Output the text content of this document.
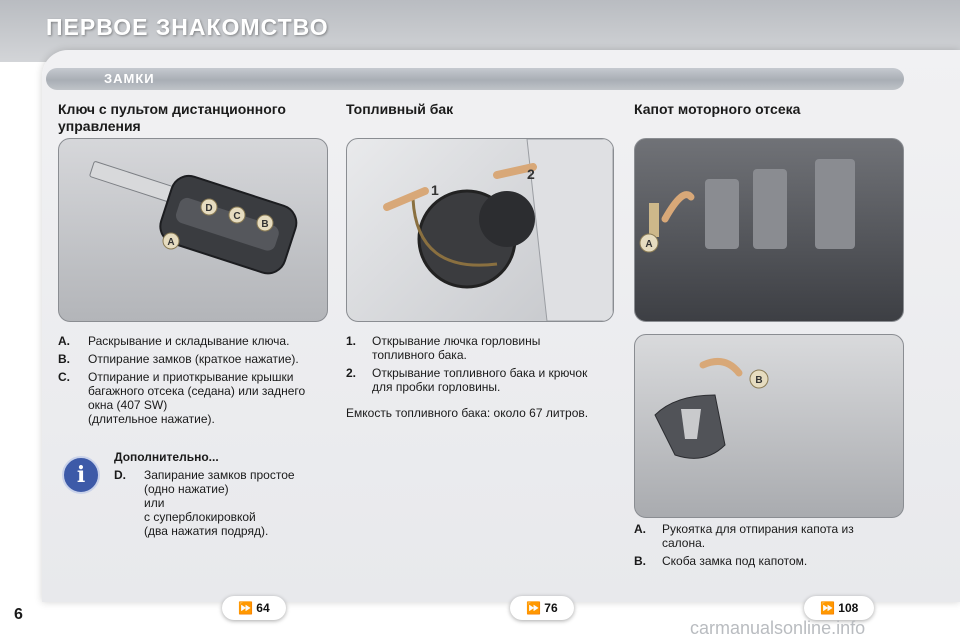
ПЕРВОЕ ЗНАКОМСТВО
ЗАМКИ
Ключ с пультом дистанционного
управления
A
B
C
D
A.	Раскрывание и складывание ключа.
B.	Отпирание замков (краткое нажатие).
C.	Отпирание и приоткрывание крышки
багажного отсека (седана) или заднего
окна (407 SW)
(длительное нажатие).
i
Дополнительно...
D.	Запирание замков простое
(одно нажатие)
или
с суперблокировкой
(два нажатия подряд).
Топливный бак
1
2
1.	Открывание лючка горловины
топливного бака.
2.	Открывание топливного бака и крючок
для пробки горловины.

Емкость топливного бака: около 67 литров.

Капот моторного отсека
A
B
A.	Рукоятка для отпирания капота из
салона.
B.	Скоба замка под капотом.
⏩ 64	⏩ 76	⏩ 108

6

carmanualsonline.info
